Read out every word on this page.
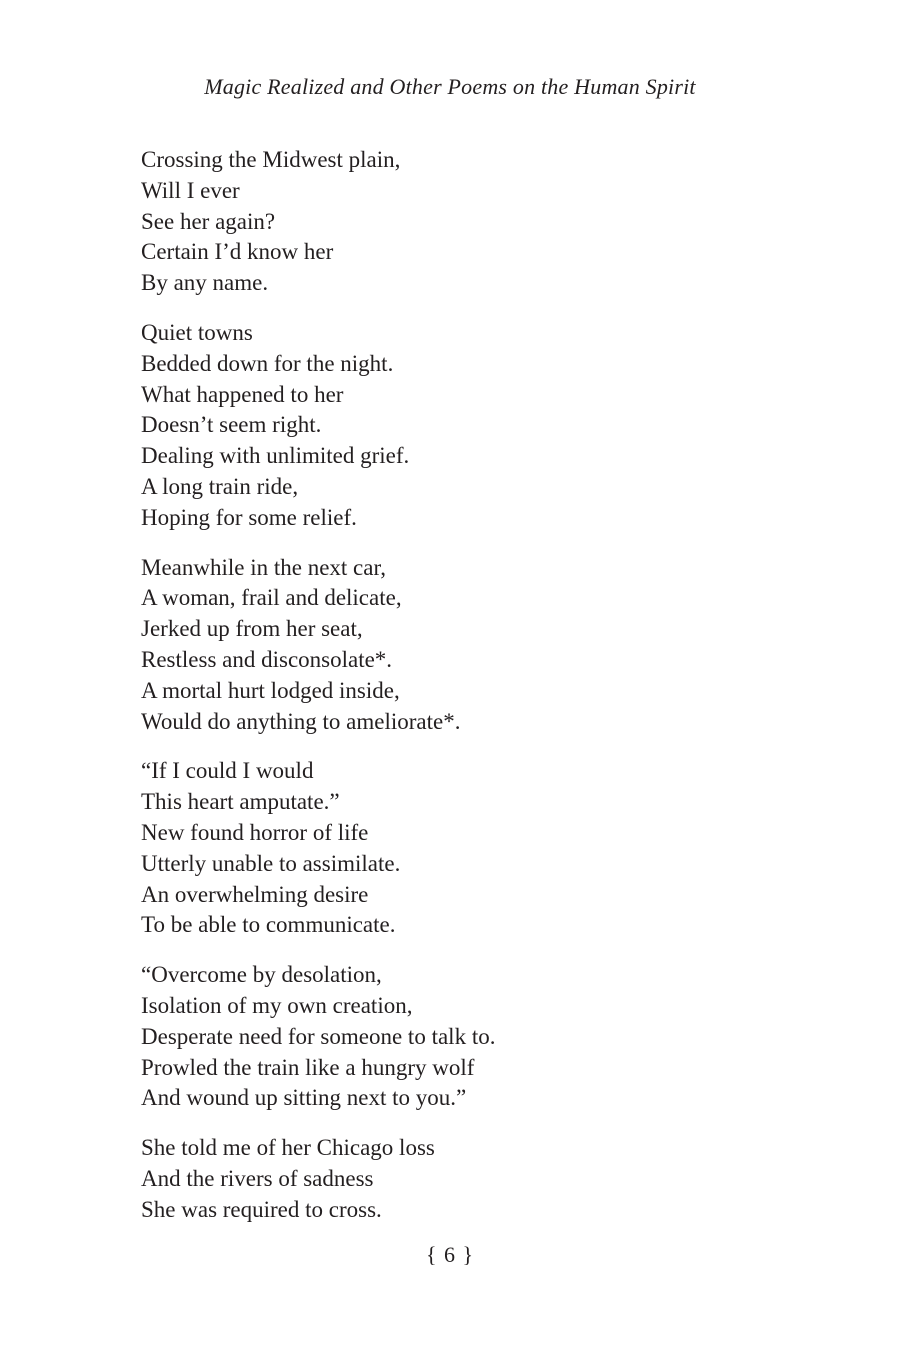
Magic Realized and Other Poems on the Human Spirit
Crossing the Midwest plain,
Will I ever
See her again?
Certain I’d know her
By any name.
Quiet towns
Bedded down for the night.
What happened to her
Doesn’t seem right.
Dealing with unlimited grief.
A long train ride,
Hoping for some relief.
Meanwhile in the next car,
A woman, frail and delicate,
Jerked up from her seat,
Restless and disconsolate*.
A mortal hurt lodged inside,
Would do anything to ameliorate*.
“If I could I would
This heart amputate.”
New found horror of life
Utterly unable to assimilate.
An overwhelming desire
To be able to communicate.
“Overcome by desolation,
Isolation of my own creation,
Desperate need for someone to talk to.
Prowled the train like a hungry wolf
And wound up sitting next to you.”
She told me of her Chicago loss
And the rivers of sadness
She was required to cross.
{ 6 }
